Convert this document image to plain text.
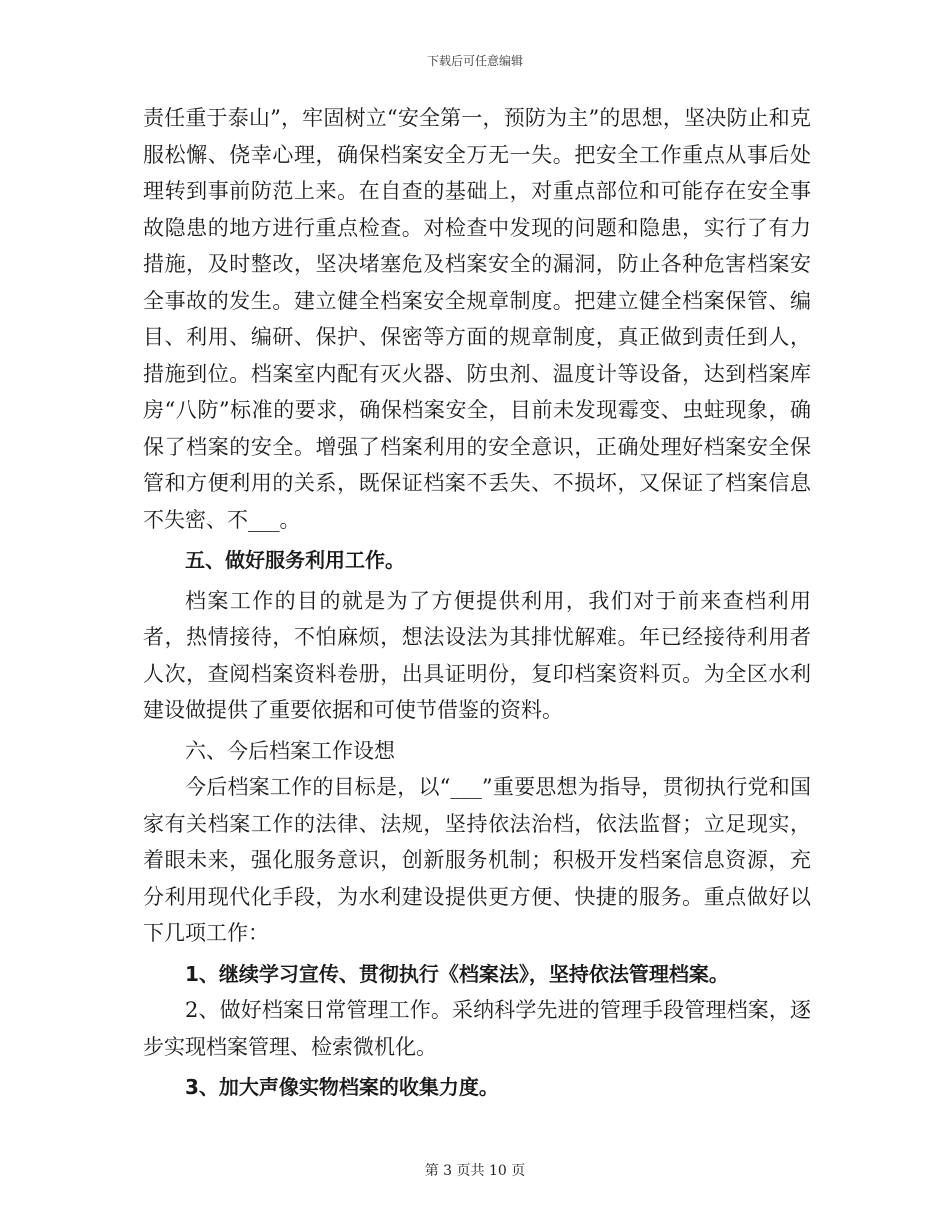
下载后可任意编辑

责任重于泰山”，牢固树立“安全第一，预防为主”的思想，坚决防止和克服松懈、侥幸心理，确保档案安全万无一失。把安全工作重点从事后处理转到事前防范上来。在自查的基础上，对重点部位和可能存在安全事故隐患的地方进行重点检查。对检查中发现的问题和隐患，实行了有力措施，及时整改，坚决堵塞危及档案安全的漏洞，防止各种危害档案安全事故的发生。建立健全档案安全规章制度。把建立健全档案保管、编目、利用、编研、保护、保密等方面的规章制度，真正做到责任到人，措施到位。档案室内配有灭火器、防虫剂、温度计等设备，达到档案库房“八防”标准的要求，确保档案安全，目前未发现霉变、虫蛀现象，确保了档案的安全。增强了档案利用的安全意识，正确处理好档案安全保管和方便利用的关系，既保证档案不丢失、不损坏，又保证了档案信息不失密、不___。

五、做好服务利用工作。

档案工作的目的就是为了方便提供利用，我们对于前来查档利用者，热情接待，不怕麻烦，想法设法为其排忧解难。年已经接待利用者人次，查阅档案资料卷册，出具证明份，复印档案资料页。为全区水利建设做提供了重要依据和可使节借鉴的资料。

六、今后档案工作设想

今后档案工作的目标是，以“___”重要思想为指导，贯彻执行党和国家有关档案工作的法律、法规，坚持依法治档，依法监督；立足现实，着眼未来，强化服务意识，创新服务机制；积极开发档案信息资源，充分利用现代化手段，为水利建设提供更方便、快捷的服务。重点做好以下几项工作：

1、继续学习宣传、贯彻执行《档案法》，坚持依法管理档案。

2、做好档案日常管理工作。采纳科学先进的管理手段管理档案，逐步实现档案管理、检索微机化。

3、加大声像实物档案的收集力度。

第 3 页共 10 页
